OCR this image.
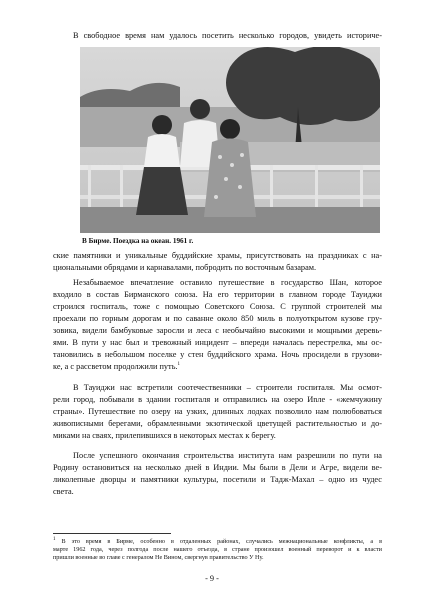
В свободное время нам удалось посетить несколько городов, увидеть историче-
В Бирме. Поездка на океан. 1961 г.
ские памятники и уникальные буддийские храмы, присутствовать на праздниках с на-
циональными обрядами и карнавалами, побродить по восточным базарам.
Незабываемое впечатление оставило путешествие в государство Шан, которое
входило в состав Бирманского союза. На его территории в главном городе Тауиджи
строился госпиталь, тоже с помощью Советского Союза. С группой строителей мы
проехали по горным дорогам и по саванне около 850 миль в полуоткрытом кузове гру-
зовика, видели бамбуковые заросли и леса с необычайно высокими и мощными деревь-
ями. В пути у нас был и тревожный инцидент – впереди началась перестрелка, мы ос-
тановились в небольшом поселке у стен буддийского храма. Ночь просидели в грузови-
ке, а с рассветом продолжили путь.$^1$
В Тауиджи нас встретили соотечественники – строители госпиталя. Мы осмот-
рели город, побывали в здании госпиталя и отправились на озеро Иnле - «жемчужину
страны». Путешествие по озеру на узких, длинных лодках позволило нам полюбоваться
живописными берегами, обрамленными экзотической цветущей растительностью и до-
миками на сваях, прилепившихся в некоторых местах к берегу.
После успешного окончания строительства института нам разрешили по пути на
Родину остановиться на несколько дней в Индии. Мы были в Дели и Агре, видели ве-
ликолепные дворцы и памятники культуры, посетили и Тадж-Махал – одно из чудес
света.
$^1$ В это время в Бирме, особенно в отдаленных районах, случались межнациональные конфликты, а в
марте 1962 года, через полгода после нашего отъезда, в стране произошел военный переворот и к власти
пришли военные во главе с генералом Не Вином, свергнув правительство У Ну.
- 9 -
